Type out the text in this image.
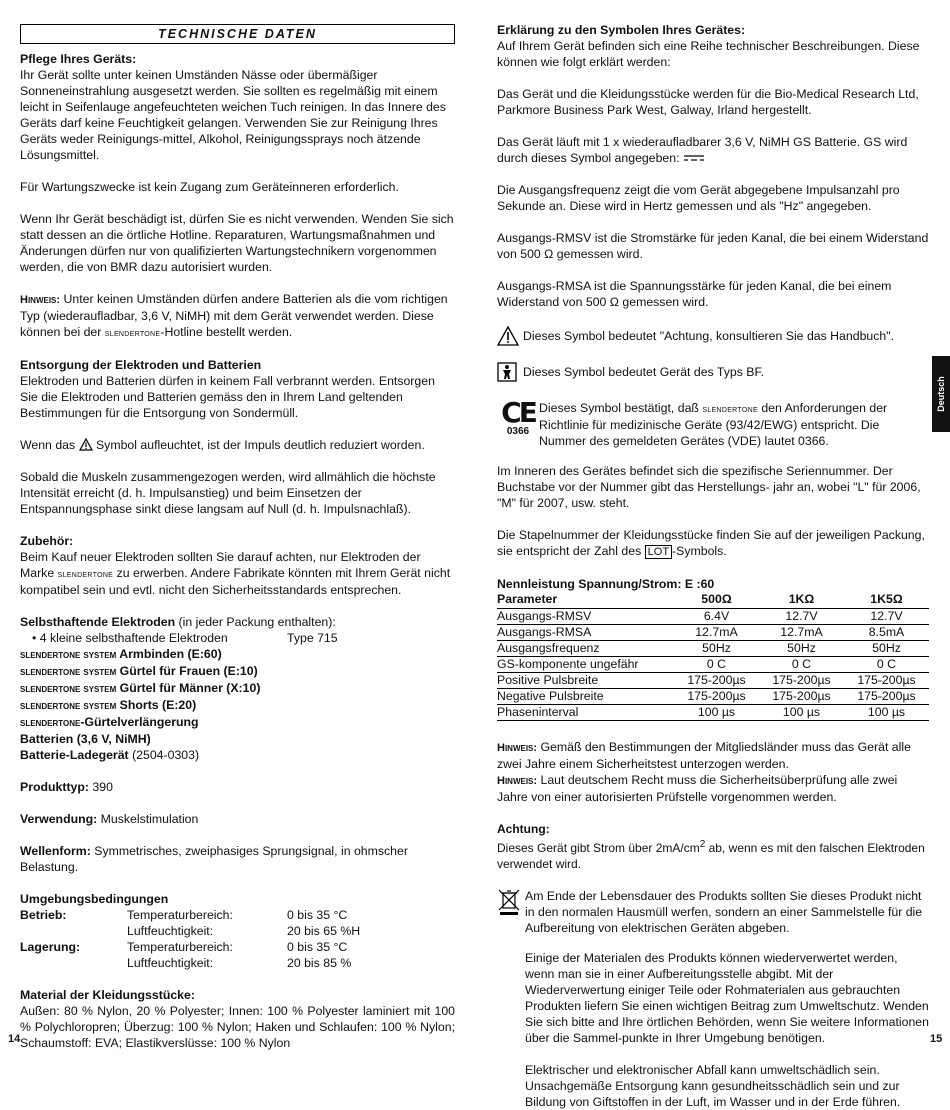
TECHNISCHE DATEN
Pflege Ihres Geräts:
Ihr Gerät sollte unter keinen Umständen Nässe oder übermäßiger Sonneneinstrahlung ausgesetzt werden. Sie sollten es regelmäßig mit einem leicht in Seifenlauge angefeuchteten weichen Tuch reinigen. In das Innere des Geräts darf keine Feuchtigkeit gelangen. Verwenden Sie zur Reinigung Ihres Geräts weder Reinigungs-mittel, Alkohol, Reinigungssprays noch ätzende Lösungsmittel.

Für Wartungszwecke ist kein Zugang zum Geräteinneren erforderlich.

Wenn Ihr Gerät beschädigt ist, dürfen Sie es nicht verwenden. Wenden Sie sich statt dessen an die örtliche Hotline. Reparaturen, Wartungsmaßnahmen und Änderungen dürfen nur von qualifizierten Wartungstechnikern vorgenommen werden, die von BMR dazu autorisiert wurden.

Hinweis: Unter keinen Umständen dürfen andere Batterien als die vom richtigen Typ (wiederaufladbar, 3,6 V, NiMH) mit dem Gerät verwendet werden. Diese können bei der slendertone-Hotline bestellt werden.

Entsorgung der Elektroden und Batterien
Elektroden und Batterien dürfen in keinem Fall verbrannt werden. Entsorgen Sie die Elektroden und Batterien gemäss den in Ihrem Land geltenden Bestimmungen für die Entsorgung von Sondermüll.

Wenn das  Symbol aufleuchtet, ist der Impuls deutlich reduziert worden.

Sobald die Muskeln zusammengezogen werden, wird allmählich die höchste Intensität erreicht (d. h. Impulsanstieg) und beim Einsetzen der Entspannungsphase sinkt diese langsam auf Null (d. h. Impulsnachlaß).

Zubehör:
Beim Kauf neuer Elektroden sollten Sie darauf achten, nur Elektroden der Marke slendertone zu erwerben. Andere Fabrikate könnten mit Ihrem Gerät nicht kompatibel sein und evtl. nicht den Sicherheitsstandards entsprechen.
Selbsthaftende Elektroden (in jeder Packung enthalten):
• 4 kleine selbsthaftende Elektroden	Type 715
slendertone system Armbinden (E:60)
slendertone system Gürtel für Frauen (E:10)
slendertone system Gürtel für Männer (X:10)
slendertone system Shorts (E:20)
slendertone-Gürtelverlängerung
Batterien (3,6 V, NiMH)
Batterie-Ladegerät (2504-0303)

Produkttyp: 390

Verwendung: Muskelstimulation

Wellenform: Symmetrisches, zweiphasiges Sprungsignal, in ohmscher Belastung.

Umgebungsbedingungen
Betrieb:	Temperaturbereich:	0 bis 35 °C
Luftfeuchtigkeit:	20 bis 65 %H
Lagerung:	Temperaturbereich:	0 bis 35 °C
Luftfeuchtigkeit:	20 bis 85 %
Material der Kleidungsstücke:
Außen: 80 % Nylon, 20 % Polyester; Innen: 100 % Polyester laminiert mit 100 % Polychloropren; Überzug: 100 % Nylon; Haken und Schlaufen: 100 % Nylon; Schaumstoff: EVA; Elastikverslüsse: 100 % Nylon
14
Erklärung zu den Symbolen Ihres Gerätes:
Auf Ihrem Gerät befinden sich eine Reihe technischer Beschreibungen. Diese können wie folgt erklärt werden:

Das Gerät und die Kleidungsstücke werden für die Bio-Medical Research Ltd, Parkmore Business Park West, Galway, Irland hergestellt.

Das Gerät läuft mit 1 x wiederaufladbarer 3,6 V, NiMH GS Batterie. GS wird durch dieses Symbol angegeben:

Die Ausgangsfrequenz zeigt die vom Gerät abgegebene Impulsanzahl pro Sekunde an. Diese wird in Hertz gemessen und als "Hz" angegeben.

Ausgangs-RMSV ist die Stromstärke für jeden Kanal, die bei einem Widerstand von 500 Ω gemessen wird.

Ausgangs-RMSA ist die Spannungsstärke für jeden Kanal, die bei einem Widerstand von 500 Ω gemessen wird.

Dieses Symbol bedeutet "Achtung, konsultieren Sie das Handbuch".
Dieses Symbol bedeutet Gerät des Typs BF.
CE
0366
Dieses Symbol bestätigt, daß slendertone den Anforderungen der Richtlinie für medizinische Geräte (93/42/EWG) entspricht. Die Nummer des gemeldeten Gerätes (VDE) lautet 0366.

Im Inneren des Gerätes befindet sich die spezifische Seriennummer. Der Buchstabe vor der Nummer gibt das Herstellungs- jahr an, wobei "L" für 2006, "M" für 2007, usw. steht.

Die Stapelnummer der Kleidungsstücke finden Sie auf der jeweiligen Packung, sie entspricht der Zahl des LOT -Symbols.

Nennleistung Spannung/Strom: E :60
Parameter	500Ω	1KΩ	1K5Ω
Ausgangs-RMSV	6.4V	12.7V	12.7V
Ausgangs-RMSA	12.7mA	12.7mA	8.5mA
Ausgangsfrequenz	50Hz	50Hz	50Hz
GS-komponente ungefähr	0 C	0 C	0 C
Positive Pulsbreite	175-200µs	175-200µs	175-200µs
Negative Pulsbreite	175-200µs	175-200µs	175-200µs
Phaseninterval	100 µs	100 µs	100 µs
Hinweis: Gemäß den Bestimmungen der Mitgliedsländer muss das Gerät alle zwei Jahre einem Sicherheitstest unterzogen werden.
Hinweis: Laut deutschem Recht muss die Sicherheitsüberprüfung alle zwei Jahre von einer autorisierten Prüfstelle vorgenommen werden.
Achtung:
Dieses Gerät gibt Strom über $2mA/cm^2$ ab, wenn es mit den falschen Elektroden verwendet wird.
Am Ende der Lebensdauer des Produkts sollten Sie dieses Produkt nicht in den normalen Hausmüll werfen, sondern an einer Sammelstelle für die Aufbereitung von elektrischen Geräten abgeben.

Einige der Materialen des Produkts können wiederverwertet werden, wenn man sie in einer Aufbereitungsstelle abgibt. Mit der Wiederverwertung einiger Teile oder Rohmaterialen aus gebrauchten Produkten liefern Sie einen wichtigen Beitrag zum Umweltschutz. Wenden Sie sich bitte and Ihre örtlichen Behörden, wenn Sie weitere Informationen über die Sammel-punkte in Ihrer Umgebung benötigen.

Elektrischer und elektronischer Abfall kann umweltschädlich sein. Unsachgemäße Entsorgung kann gesundheitsschädlich sein und zur Bildung von Giftstoffen in der Luft, im Wasser und in der Erde führen.

15
Deutsch
